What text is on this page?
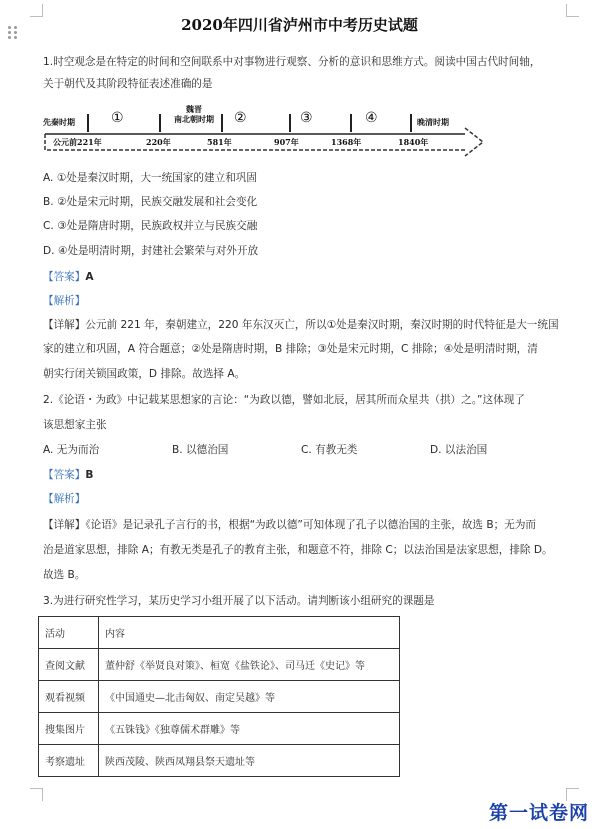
2020年四川省泸州市中考历史试题
1.时空观念是在特定的时间和空间联系中对事物进行观察、分析的意识和思维方式。阅读中国古代时间轴，
关于朝代及其阶段特征表述准确的是
先秦时期	①
魏晋
南北朝时期	②	③	④	晚清时期
公元前221年	220年	581年	907年	1368年	1840年
A. ①处是秦汉时期，大一统国家的建立和巩固
B. ②处是宋元时期，民族交融发展和社会变化
C. ③处是隋唐时期，民族政权并立与民族交融
D. ④处是明清时期，封建社会繁荣与对外开放
【答案】A
【解析】
【详解】公元前 221 年，秦朝建立，220 年东汉灭亡，所以①处是秦汉时期，秦汉时期的时代特征是大一统国
家的建立和巩固，A 符合题意；②处是隋唐时期，B 排除；③处是宋元时期，C 排除；④处是明清时期，清
朝实行闭关锁国政策，D 排除。故选择 A。
2.《论语・为政》中记载某思想家的言论：“为政以德，譬如北辰，居其所而众星共（拱）之。”这体现了
该思想家主张
A. 无为而治	B. 以德治国	C. 有教无类	D. 以法治国
【答案】B
【解析】
【详解】《论语》是记录孔子言行的书，根据“为政以德”可知体现了孔子以德治国的主张，故选 B；无为而
治是道家思想，排除 A；有教无类是孔子的教育主张，和题意不符，排除 C；以法治国是法家思想，排除 D。
故选 B。
3.为进行研究性学习，某历史学习小组开展了以下活动。请判断该小组研究的课题是
活动	内容
查阅文献	董仲舒《举贤良对策》、桓宽《盐铁论》、司马迁《史记》等
观看视频	《中国通史—北击匈奴、南定吴越》等
搜集图片	《五铢钱》《独尊儒术群雕》等
考察遗址	陕西茂陵、陕西凤翔县祭天遗址等
第一试卷网
